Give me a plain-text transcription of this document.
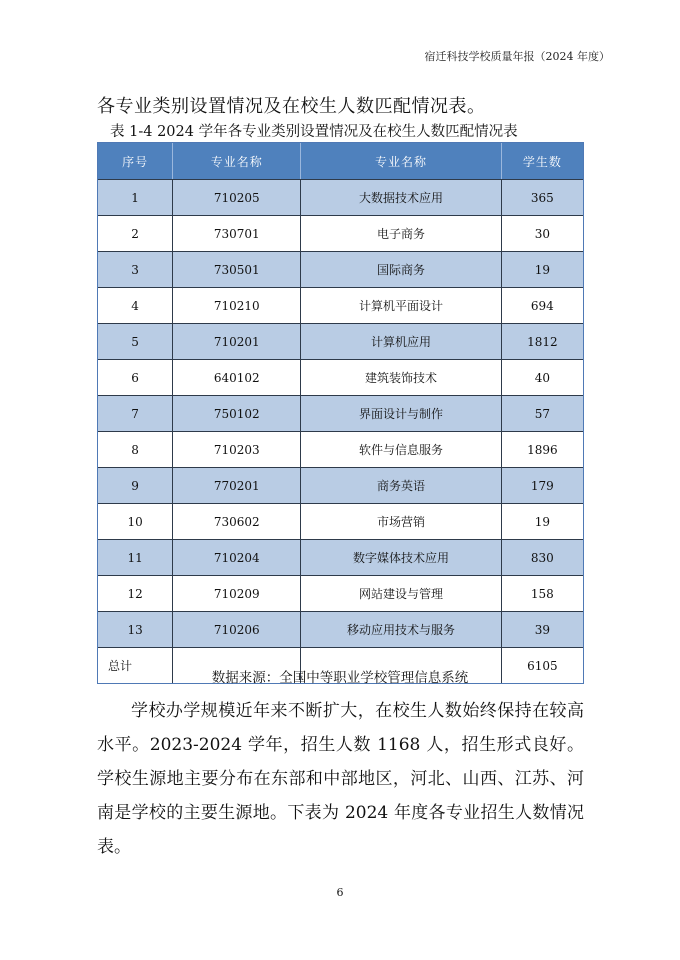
宿迁科技学校质量年报（2024 年度）
各专业类别设置情况及在校生人数匹配情况表。
表 1-4 2024 学年各专业类别设置情况及在校生人数匹配情况表
序号	专业名称	专业名称	学生数
1	710205	大数据技术应用	365
2	730701	电子商务	30
3	730501	国际商务	19
4	710210	计算机平面设计	694
5	710201	计算机应用	1812
6	640102	建筑装饰技术	40
7	750102	界面设计与制作	57
8	710203	软件与信息服务	1896
9	770201	商务英语	179
10	730602	市场营销	19
11	710204	数字媒体技术应用	830
12	710209	网站建设与管理	158
13	710206	移动应用技术与服务	39
总计			6105
数据来源：全国中等职业学校管理信息系统
学校办学规模近年来不断扩大，在校生人数始终保持在较高水平。2023-2024 学年，招生人数 1168 人，招生形式良好。学校生源地主要分布在东部和中部地区，河北、山西、江苏、河南是学校的主要生源地。下表为 2024 年度各专业招生人数情况表。
6
